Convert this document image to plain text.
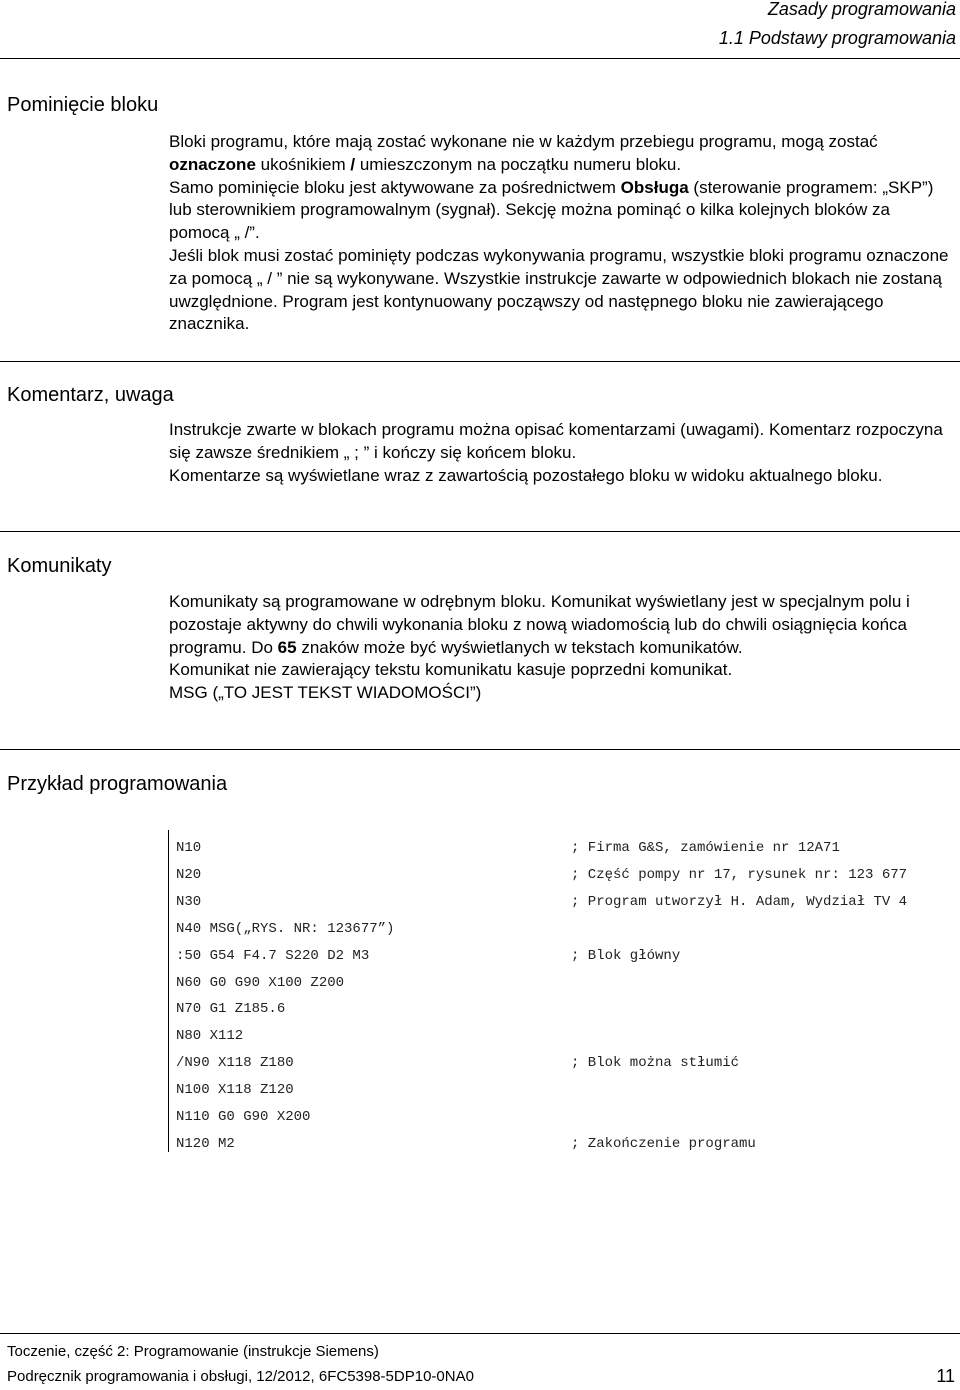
Zasady programowania
1.1 Podstawy programowania
Pominięcie bloku

Bloki programu, które mają zostać wykonane nie w każdym przebiegu programu, mogą zostać oznaczone ukośnikiem / umieszczonym na początku numeru bloku.

Samo pominięcie bloku jest aktywowane za pośrednictwem Obsługa (sterowanie programem: „SKP”) lub sterownikiem programowalnym (sygnał). Sekcję można pominąć o kilka kolejnych bloków za pomocą „ /”.

Jeśli blok musi zostać pominięty podczas wykonywania programu, wszystkie bloki programu oznaczone za pomocą „ / ” nie są wykonywane. Wszystkie instrukcje zawarte w odpowiednich blokach nie zostaną uwzględnione. Program jest kontynuowany począwszy od następnego bloku nie zawierającego znacznika.

Komentarz, uwaga

Instrukcje zwarte w blokach programu można opisać komentarzami (uwagami). Komentarz rozpoczyna się zawsze średnikiem „ ; ” i kończy się końcem bloku.

Komentarze są wyświetlane wraz z zawartością pozostałego bloku w widoku aktualnego bloku.

Komunikaty

Komunikaty są programowane w odrębnym bloku. Komunikat wyświetlany jest w specjalnym polu i pozostaje aktywny do chwili wykonania bloku z nową wiadomością lub do chwili osiągnięcia końca programu. Do 65 znaków może być wyświetlanych w tekstach komunikatów.

Komunikat nie zawierający tekstu komunikatu kasuje poprzedni komunikat.

MSG („TO JEST TEKST WIADOMOŚCI”)

Przykład programowania
N10	; Firma G&S, zamówienie nr 12A71
N20	; Część pompy nr 17, rysunek nr: 123 677
N30	; Program utworzył H. Adam, Wydział TV 4
N40 MSG(„RYS. NR: 123677”)
:50 G54 F4.7 S220 D2 M3	; Blok główny
N60 G0 G90 X100 Z200
N70 G1 Z185.6
N80 X112
/N90 X118 Z180	; Blok można stłumić
N100 X118 Z120
N110 G0 G90 X200
N120 M2	; Zakończenie programu
Toczenie, część 2: Programowanie (instrukcje Siemens)
Podręcznik programowania i obsługi, 12/2012, 6FC5398-5DP10-0NA0	11
